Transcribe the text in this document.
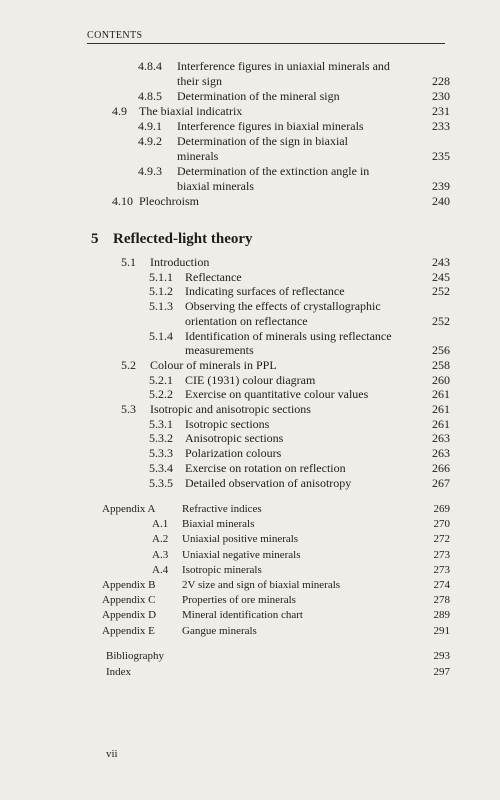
CONTENTS
4.8.4 Interference figures in uniaxial minerals and
their sign	228
4.8.5 Determination of the mineral sign	230
4.9 The biaxial indicatrix	231
4.9.1 Interference figures in biaxial minerals	233
4.9.2 Determination of the sign in biaxial
minerals	235
4.9.3 Determination of the extinction angle in
biaxial minerals	239
4.10 Pleochroism	240
5 Reflected-light theory
5.1 Introduction	243
5.1.1 Reflectance	245
5.1.2 Indicating surfaces of reflectance	252
5.1.3 Observing the effects of crystallographic
orientation on reflectance	252
5.1.4 Identification of minerals using reflectance
measurements	256
5.2 Colour of minerals in PPL	258
5.2.1 CIE (1931) colour diagram	260
5.2.2 Exercise on quantitative colour values	261
5.3 Isotropic and anisotropic sections	261
5.3.1 Isotropic sections	261
5.3.2 Anisotropic sections	263
5.3.3 Polarization colours	263
5.3.4 Exercise on rotation on reflection	266
5.3.5 Detailed observation of anisotropy	267
Appendix A Refractive indices	269
A.1 Biaxial minerals	270
A.2 Uniaxial positive minerals	272
A.3 Uniaxial negative minerals	273
A.4 Isotropic minerals	273
Appendix B 2V size and sign of biaxial minerals	274
Appendix C Properties of ore minerals	278
Appendix D Mineral identification chart	289
Appendix E Gangue minerals	291
Bibliography	293
Index	297
vii
